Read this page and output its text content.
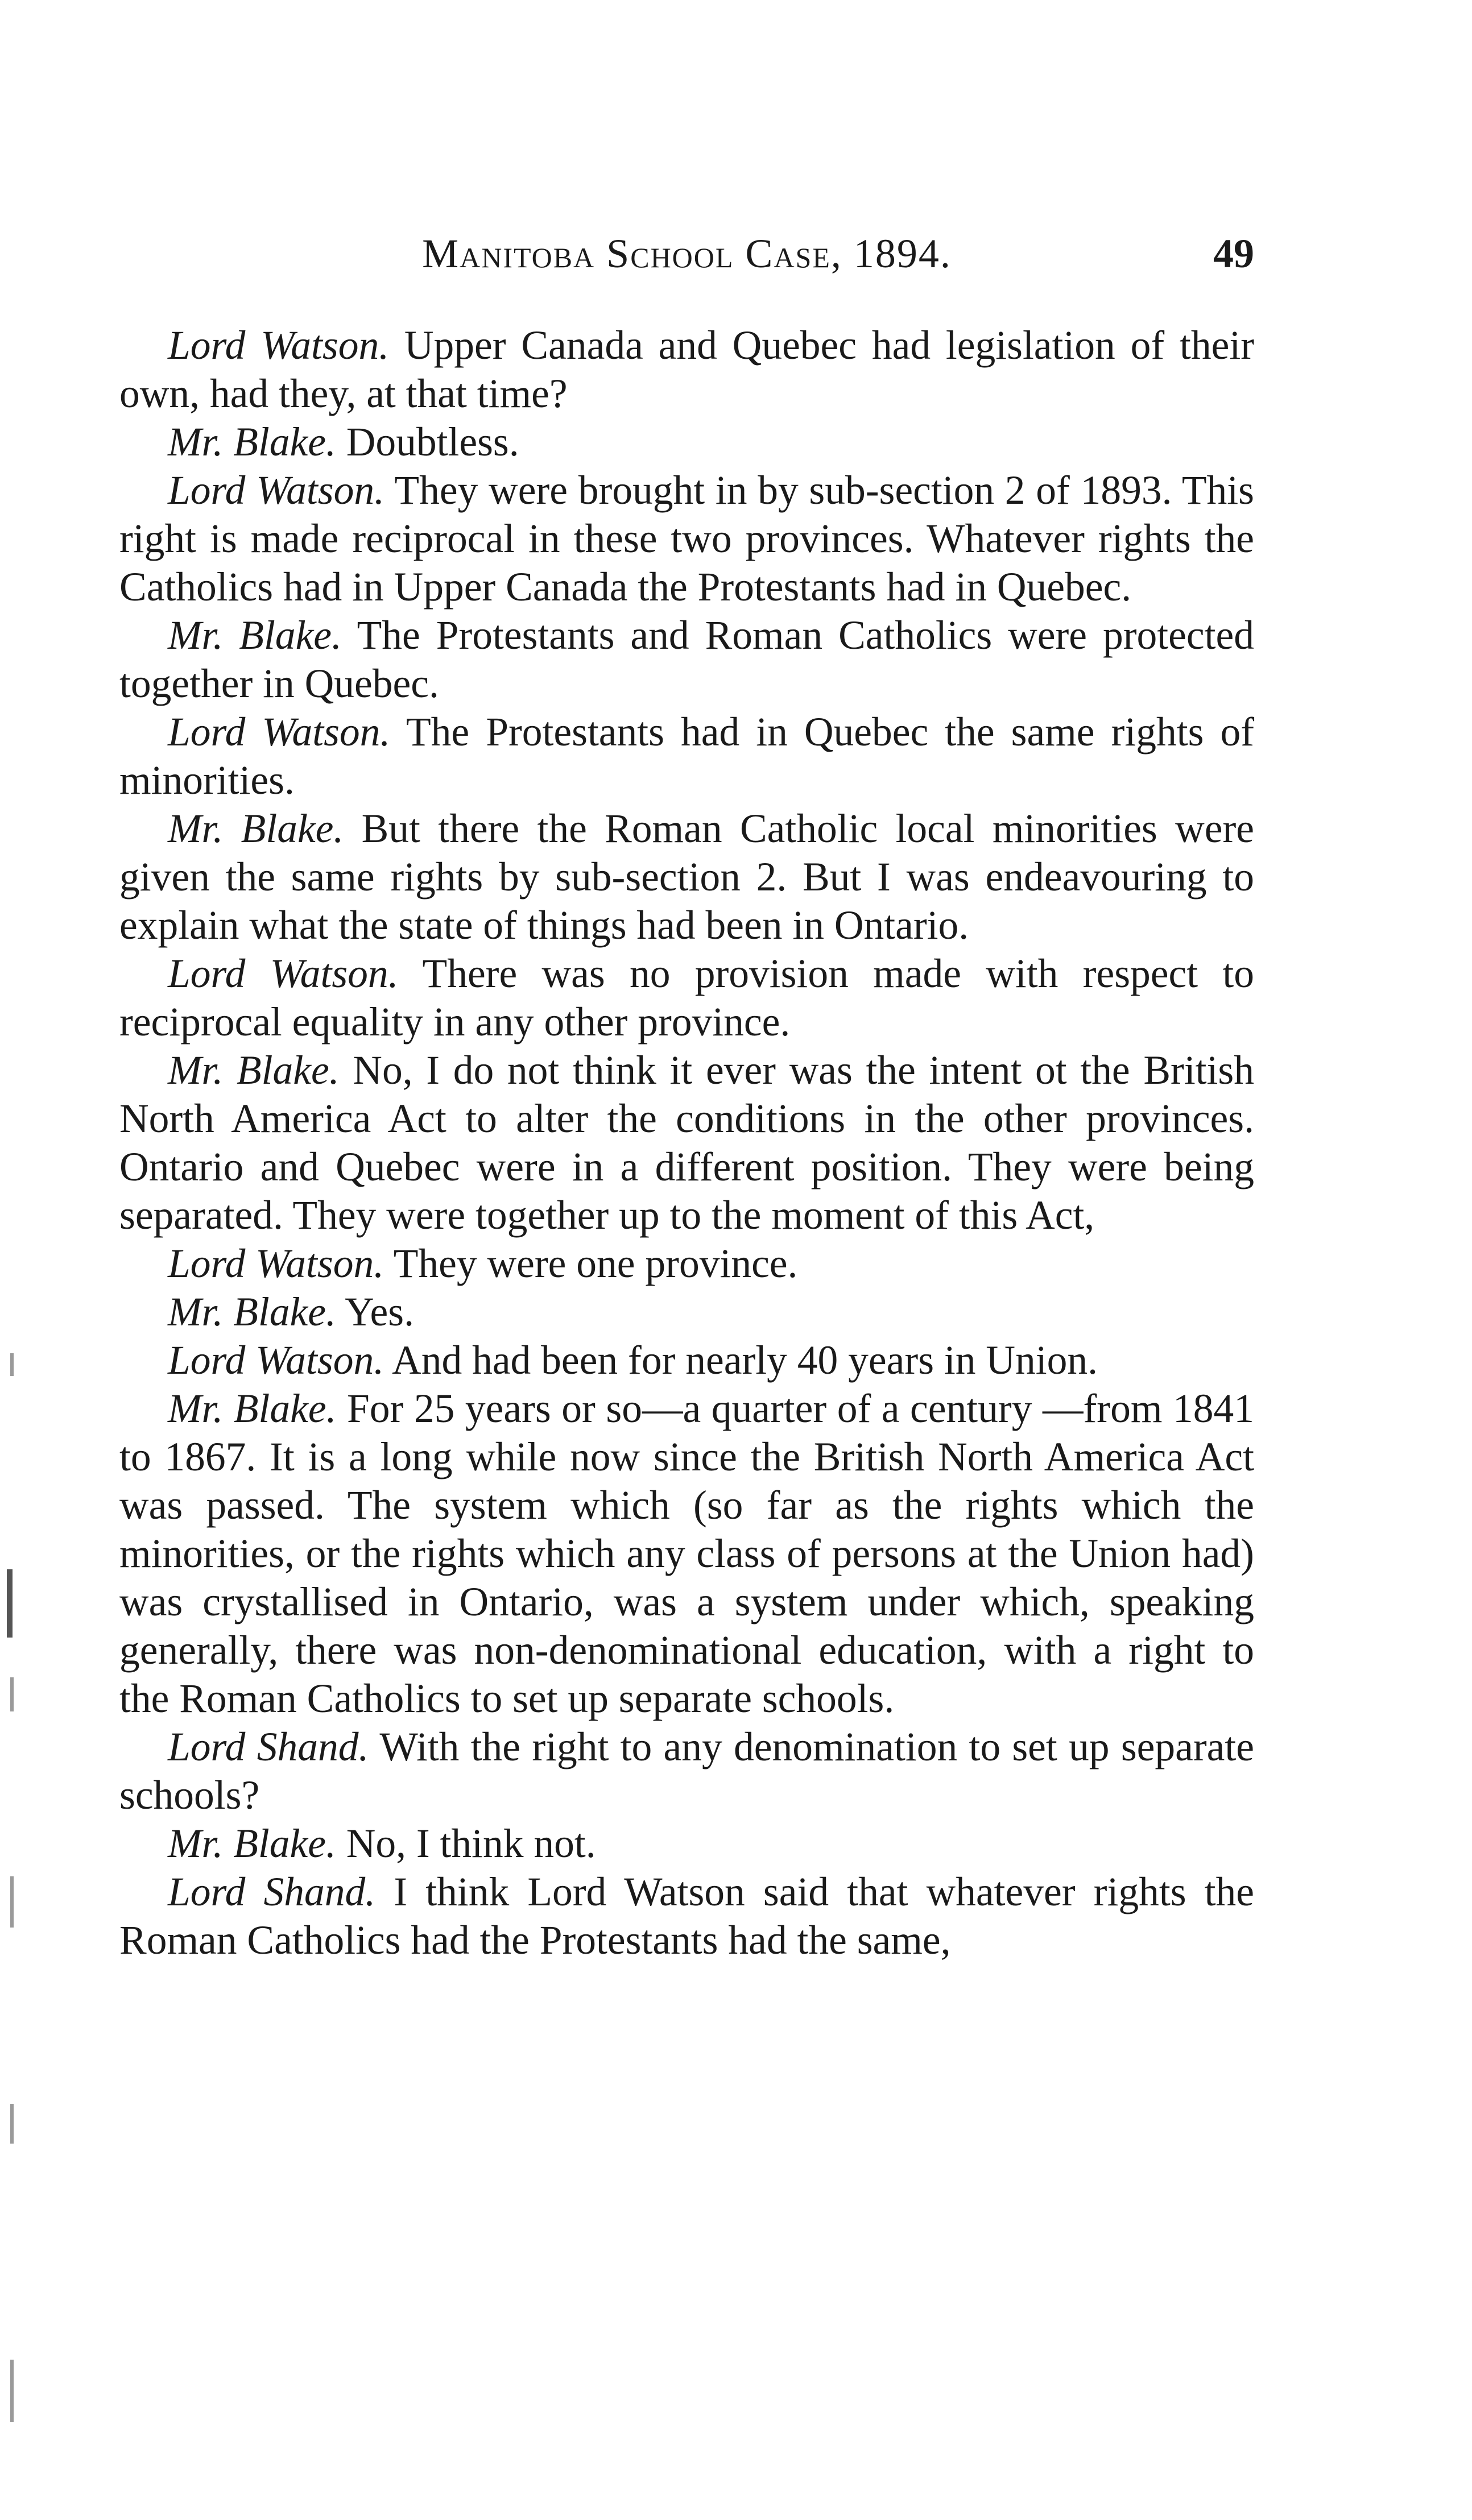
Manitoba School Case, 1894.	49

Lord Watson. Upper Canada and Quebec had legislation of their own, had they, at that time?

Mr. Blake. Doubtless.

Lord Watson. They were brought in by sub-section 2 of 1893. This right is made reciprocal in these two provinces. Whatever rights the Catholics had in Upper Canada the Protestants had in Quebec.

Mr. Blake. The Protestants and Roman Catholics were protected together in Quebec.

Lord Watson. The Protestants had in Quebec the same rights of minorities.

Mr. Blake. But there the Roman Catholic local minorities were given the same rights by sub-section 2. But I was endeavouring to explain what the state of things had been in Ontario.

Lord Watson. There was no provision made with respect to reciprocal equality in any other province.

Mr. Blake. No, I do not think it ever was the intent ot the British North America Act to alter the conditions in the other provinces. Ontario and Quebec were in a different position. They were being separated. They were together up to the moment of this Act,

Lord Watson. They were one province.

Mr. Blake. Yes.

Lord Watson. And had been for nearly 40 years in Union.

Mr. Blake. For 25 years or so—a quarter of a century —from 1841 to 1867. It is a long while now since the British North America Act was passed. The system which (so far as the rights which the minorities, or the rights which any class of persons at the Union had) was crystallised in Ontario, was a system under which, speaking generally, there was non-denominational education, with a right to the Roman Catholics to set up separate schools.

Lord Shand. With the right to any denomination to set up separate schools?

Mr. Blake. No, I think not.

Lord Shand. I think Lord Watson said that whatever rights the Roman Catholics had the Protestants had the same,
